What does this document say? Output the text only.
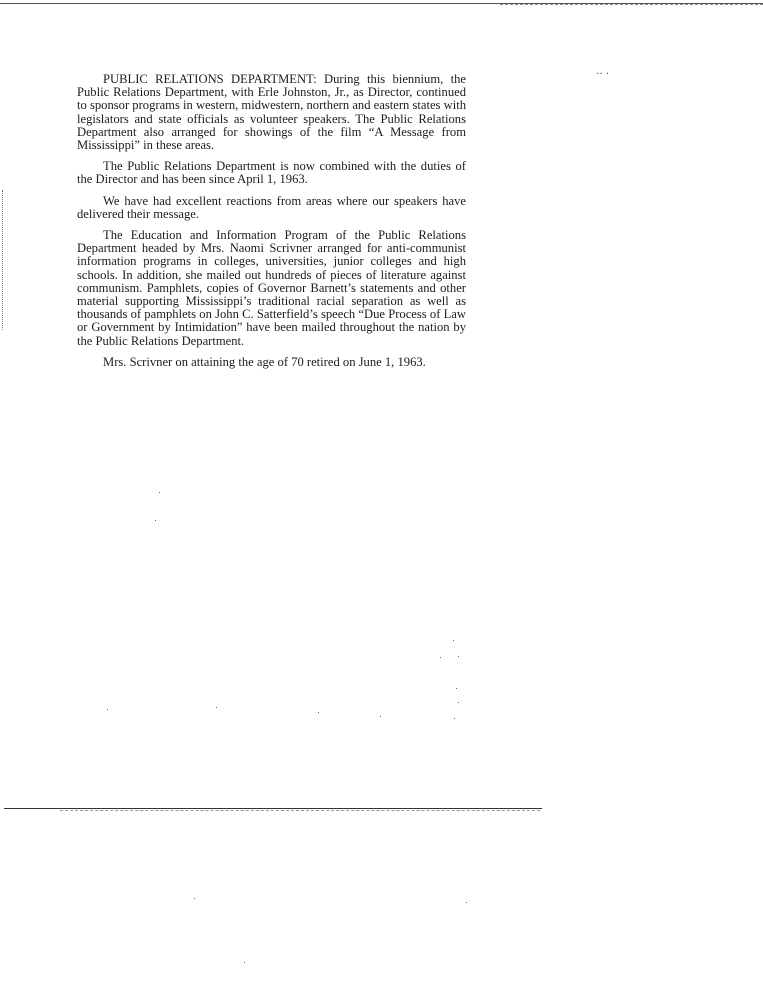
․․ .

PUBLIC RELATIONS DEPARTMENT: During this biennium, the Public Relations Department, with Erle Johnston, Jr., as Director, continued to sponsor programs in western, midwestern, northern and eastern states with legislators and state officials as volunteer speakers. The Public Relations Department also arranged for showings of the film “A Message from Mississippi” in these areas.

The Public Relations Department is now combined with the duties of the Director and has been since April 1, 1963.

We have had excellent reactions from areas where our speakers have delivered their message.

The Education and Information Program of the Public Relations Department headed by Mrs. Naomi Scrivner arranged for anti-communist information programs in colleges, universities, junior colleges and high schools. In addition, she mailed out hundreds of pieces of literature against communism. Pamphlets, copies of Governor Barnett’s statements and other material supporting Mississippi’s traditional racial separation as well as thousands of pamphlets on John C. Satterfield’s speech “Due Process of Law or Government by Intimidation” have been mailed throughout the nation by the Public Relations Department.

Mrs. Scrivner on attaining the age of 70 retired on June 1, 1963.
